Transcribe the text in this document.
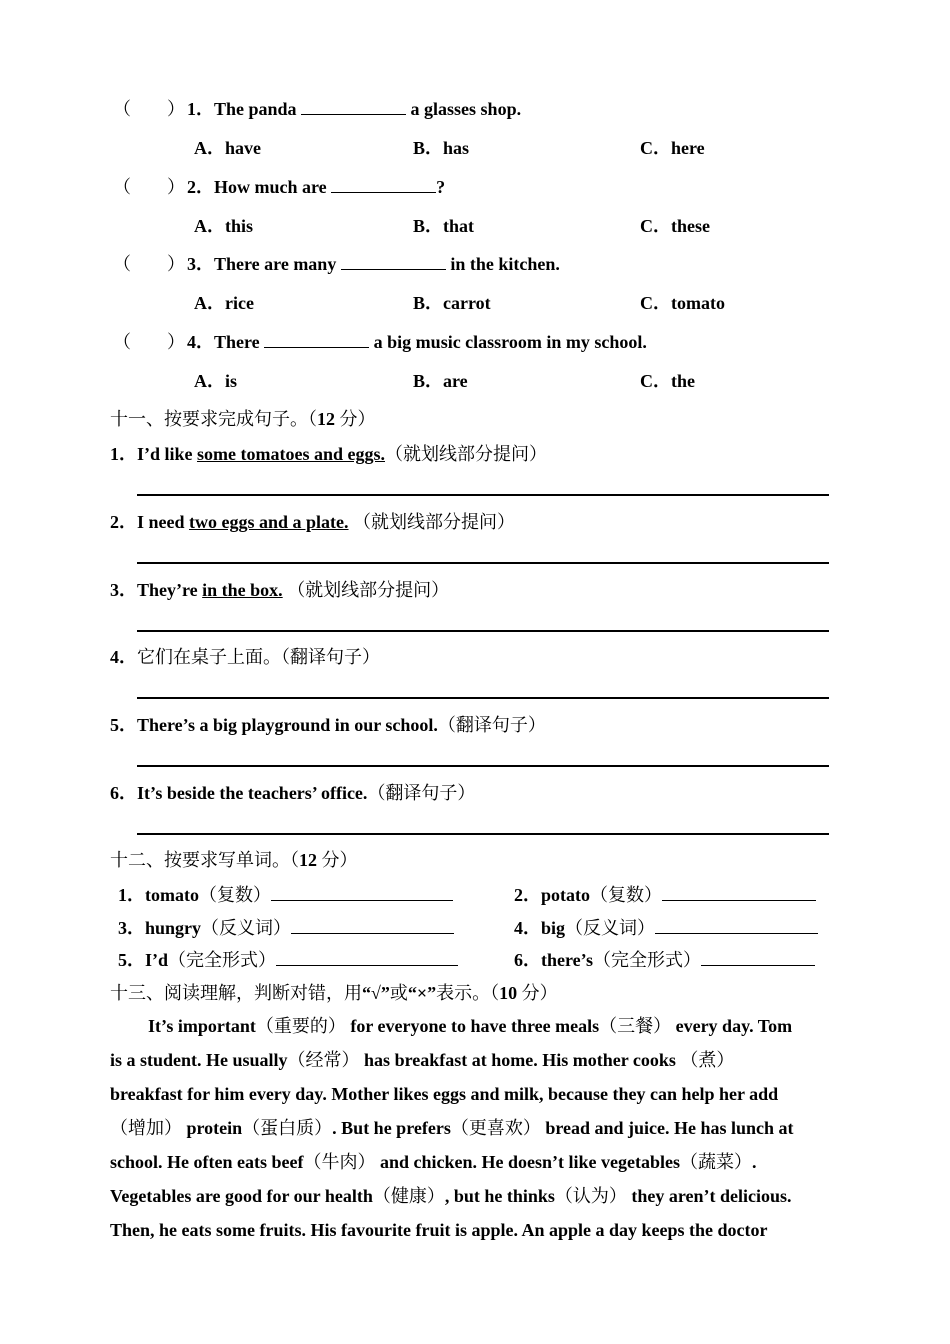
（　　） 1．The panda	a glasses shop.
A．have	B．has	C．here
（　　） 2．How much are	?
A．this	B．that	C．these
（　　） 3．There are many	in the kitchen.
A．rice	B．carrot	C．tomato
（　　） 4．There	a big music classroom in my school.
A．is	B．are	C．the
十一、按要求完成句子。（12 分）
1．I’d like some tomatoes and eggs.（就划线部分提问）
2．I need two eggs and a plate. （就划线部分提问）
3．They’re in the box. （就划线部分提问）
4．它们在桌子上面。（翻译句子）
5．There’s a big playground in our school.（翻译句子）
6．It’s beside the teachers’ office.（翻译句子）
十二、按要求写单词。（12 分）
1．tomato（复数）	2．potato（复数）
3．hungry（反义词）	4．big（反义词）
5．I’d（完全形式）	6．there’s（完全形式）
十三、阅读理解，判断对错，用“√”或“×”表示。（10 分）
It’s important（重要的） for everyone to have three meals（三餐） every day. Tom
is a student. He usually（经常） has breakfast at home. His mother cooks （煮）
breakfast for him every day. Mother likes eggs and milk, because they can help her add
（增加） protein（蛋白质）. But he prefers（更喜欢） bread and juice. He has lunch at
school. He often eats beef（牛肉） and chicken. He doesn’t like vegetables（蔬菜）.
Vegetables are good for our health（健康）, but he thinks（认为） they aren’t delicious.
Then, he eats some fruits. His favourite fruit is apple. An apple a day keeps the doctor
